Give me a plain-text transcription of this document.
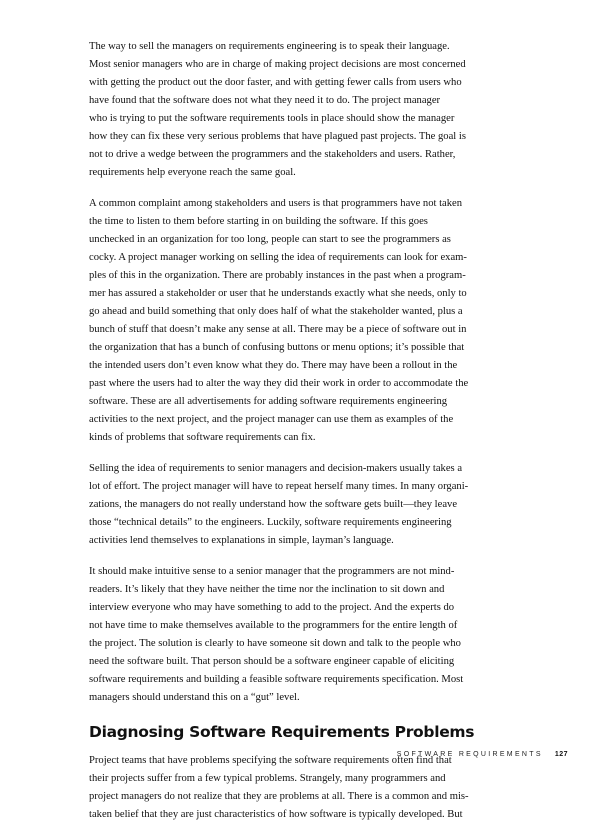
The way to sell the managers on requirements engineering is to speak their language.
Most senior managers who are in charge of making project decisions are most concerned
with getting the product out the door faster, and with getting fewer calls from users who
have found that the software does not what they need it to do. The project manager
who is trying to put the software requirements tools in place should show the manager
how they can fix these very serious problems that have plagued past projects. The goal is
not to drive a wedge between the programmers and the stakeholders and users. Rather,
requirements help everyone reach the same goal.

A common complaint among stakeholders and users is that programmers have not taken
the time to listen to them before starting in on building the software. If this goes
unchecked in an organization for too long, people can start to see the programmers as
cocky. A project manager working on selling the idea of requirements can look for exam-
ples of this in the organization. There are probably instances in the past when a program-
mer has assured a stakeholder or user that he understands exactly what she needs, only to
go ahead and build something that only does half of what the stakeholder wanted, plus a
bunch of stuff that doesn’t make any sense at all. There may be a piece of software out in
the organization that has a bunch of confusing buttons or menu options; it’s possible that
the intended users don’t even know what they do. There may have been a rollout in the
past where the users had to alter the way they did their work in order to accommodate the
software. These are all advertisements for adding software requirements engineering
activities to the next project, and the project manager can use them as examples of the
kinds of problems that software requirements can fix.

Selling the idea of requirements to senior managers and decision-makers usually takes a
lot of effort. The project manager will have to repeat herself many times. In many organi-
zations, the managers do not really understand how the software gets built—they leave
those “technical details” to the engineers. Luckily, software requirements engineering
activities lend themselves to explanations in simple, layman’s language.

It should make intuitive sense to a senior manager that the programmers are not mind-
readers. It’s likely that they have neither the time nor the inclination to sit down and
interview everyone who may have something to add to the project. And the experts do
not have time to make themselves available to the programmers for the entire length of
the project. The solution is clearly to have someone sit down and talk to the people who
need the software built. That person should be a software engineer capable of eliciting
software requirements and building a feasible software requirements specification. Most
managers should understand this on a “gut” level.

Diagnosing Software Requirements Problems

Project teams that have problems specifying the software requirements often find that
their projects suffer from a few typical problems. Strangely, many programmers and
project managers do not realize that they are problems at all. There is a common and mis-
taken belief that they are just characteristics of how software is typically developed. But

SOFTWARE REQUIREMENTS 127
